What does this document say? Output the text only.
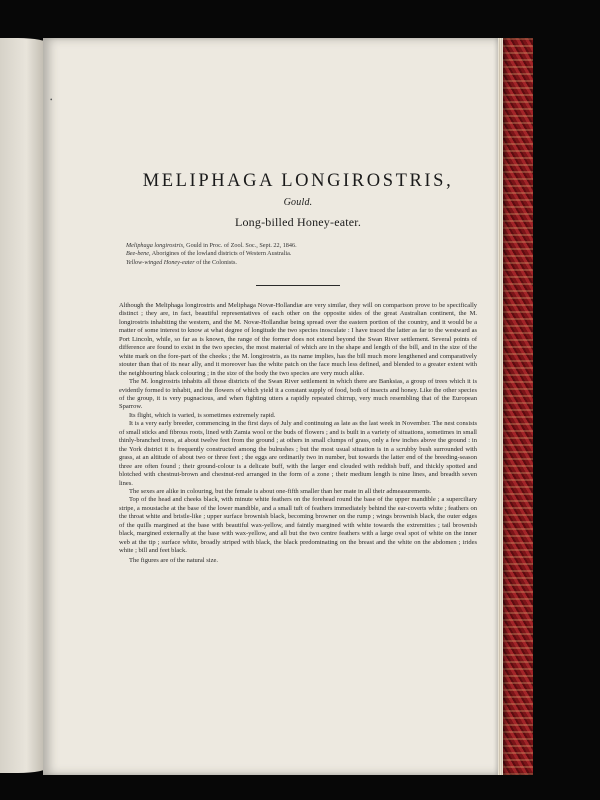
•
MELIPHAGA LONGIROSTRIS, Gould.
Long-billed Honey-eater.
Meliphaga longirostris, Gould in Proc. of Zool. Soc., Sept. 22, 1846.
Bee-bene, Aborigines of the lowland districts of Western Australia.
Yellow-winged Honey-eater of the Colonists.

Although the Meliphaga longirostris and Meliphaga Novæ-Hollandiæ are very similar, they will on comparison prove to be specifically distinct ; they are, in fact, beautiful representatives of each other on the opposite sides of the great Australian continent, the M. longirostris inhabiting the western, and the M. Novæ-Hollandiæ being spread over the eastern portion of the country, and it would be a matter of some interest to know at what degree of longitude the two species inosculate : I have traced the latter as far to the westward as Port Lincoln, while, so far as is known, the range of the former does not extend beyond the Swan River settlement. Several points of difference are found to exist in the two species, the most material of which are in the shape and length of the bill, and in the size of the white mark on the fore-part of the cheeks ; the M. longirostris, as its name implies, has the bill much more lengthened and comparatively stouter than that of its near ally, and it moreover has the white patch on the face much less defined, and blended to a greater extent with the neighbouring black colouring ; in the size of the body the two species are very much alike.

The M. longirostris inhabits all those districts of the Swan River settlement in which there are Banksias, a group of trees which it is evidently formed to inhabit, and the flowers of which yield it a constant supply of food, both of insects and honey. Like the other species of the group, it is very pugnacious, and when fighting utters a rapidly repeated chirrup, very much resembling that of the European Sparrow.

Its flight, which is varied, is sometimes extremely rapid.

It is a very early breeder, commencing in the first days of July and continuing as late as the last week in November. The nest consists of small sticks and fibrous roots, lined with Zamia wool or the buds of flowers ; and is built in a variety of situations, sometimes in small thinly-branched trees, at about twelve feet from the ground ; at others in small clumps of grass, only a few inches above the ground : in the York district it is frequently constructed among the bulrushes ; but the most usual situation is in a scrubby bush surrounded with grass, at an altitude of about two or three feet ; the eggs are ordinarily two in number, but towards the latter end of the breeding-season three are often found ; their ground-colour is a delicate buff, with the larger end clouded with reddish buff, and thickly spotted and blotched with chestnut-brown and chestnut-red arranged in the form of a zone ; their medium length is nine lines, and breadth seven lines.

The sexes are alike in colouring, but the female is about one-fifth smaller than her mate in all their admeasurements.

Top of the head and cheeks black, with minute white feathers on the forehead round the base of the upper mandible ; a superciliary stripe, a moustache at the base of the lower mandible, and a small tuft of feathers immediately behind the ear-coverts white ; feathers on the throat white and bristle-like ; upper surface brownish black, becoming browner on the rump ; wings brownish black, the outer edges of the quills margined at the base with beautiful wax-yellow, and faintly margined with white towards the extremities ; tail brownish black, margined externally at the base with wax-yellow, and all but the two centre feathers with a large oval spot of white on the inner web at the tip ; surface white, broadly striped with black, the black predominating on the breast and the white on the abdomen ; irides white ; bill and feet black.

The figures are of the natural size.
